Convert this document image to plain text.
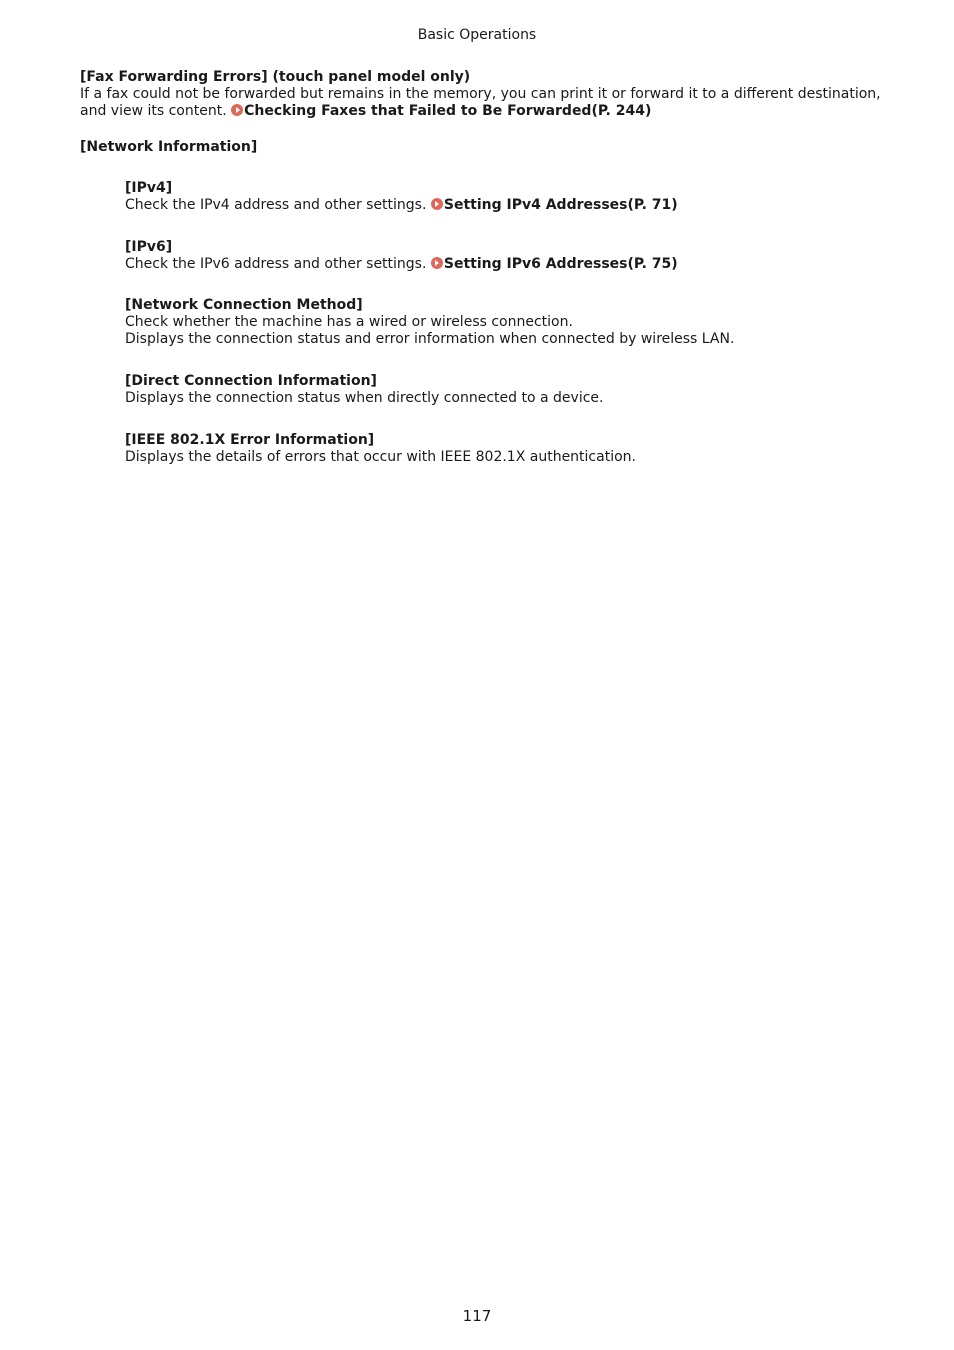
Basic Operations
[Fax Forwarding Errors] (touch panel model only)
If a fax could not be forwarded but remains in the memory, you can print it or forward it to a different destination, and view its content. Checking Faxes that Failed to Be Forwarded(P. 244)
[Network Information]
[IPv4]
Check the IPv4 address and other settings. Setting IPv4 Addresses(P. 71)
[IPv6]
Check the IPv6 address and other settings. Setting IPv6 Addresses(P. 75)
[Network Connection Method]
Check whether the machine has a wired or wireless connection.
Displays the connection status and error information when connected by wireless LAN.
[Direct Connection Information]
Displays the connection status when directly connected to a device.
[IEEE 802.1X Error Information]
Displays the details of errors that occur with IEEE 802.1X authentication.
117
